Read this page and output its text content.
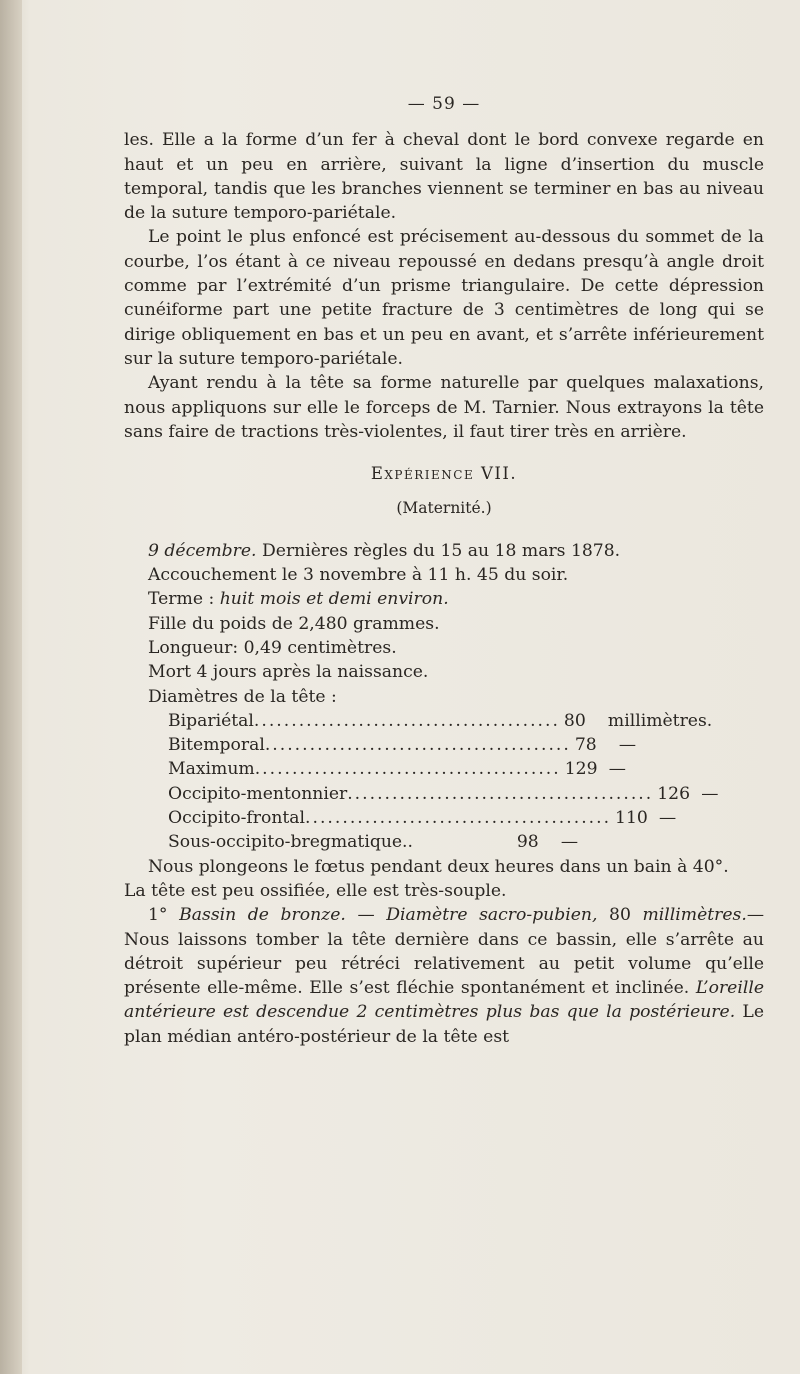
— 59 —

les. Elle a la forme d’un fer à cheval dont le bord convexe regarde en haut et un peu en arrière, suivant la ligne d’insertion du muscle temporal, tandis que les branches viennent se terminer en bas au niveau de la suture temporo-pariétale.

Le point le plus enfoncé est précisement au-dessous du sommet de la courbe, l’os étant à ce niveau repoussé en dedans presqu’à angle droit comme par l’extrémité d’un prisme triangulaire. De cette dépression cunéiforme part une petite fracture de 3 centimètres de long qui se dirige obliquement en bas et un peu en avant, et s’arrête inférieurement sur la suture temporo-pariétale.

Ayant rendu à la tête sa forme naturelle par quelques malaxations, nous appliquons sur elle le forceps de M. Tarnier. Nous extrayons la tête sans faire de tractions très-violentes, il faut tirer très en arrière.

Expérience VII.
(Maternité.)

9 décembre. Dernières règles du 15 au 18 mars 1878.

Accouchement le 3 novembre à 11 h. 45 du soir.

Terme : huit mois et demi environ.

Fille du poids de 2,480 grammes.

Longueur: 0,49 centimètres.

Mort 4 jours après la naissance.

Diamètres de la tête :

Bipariétal ......................................... 80	millimètres.
Bitemporal ......................................... 78	—
Maximum ......................................... 129 —
Occipito-mentonnier ......................................... 126 —
Occipito-frontal ......................................... 110 —
Sous-occipito-bregmatique..	98	—

Nous plongeons le fœtus pendant deux heures dans un bain à 40°.

La tête est peu ossifiée, elle est très-souple.

1° Bassin de bronze. — Diamètre sacro-pubien, 80 millimètres.— Nous laissons tomber la tête dernière dans ce bassin, elle s’arrête au détroit supérieur peu rétréci relativement au petit volume qu’elle présente elle-même. Elle s’est fléchie spontanément et inclinée. L’oreille antérieure est descendue 2 centimètres plus bas que la postérieure. Le plan médian antéro-postérieur de la tête est
